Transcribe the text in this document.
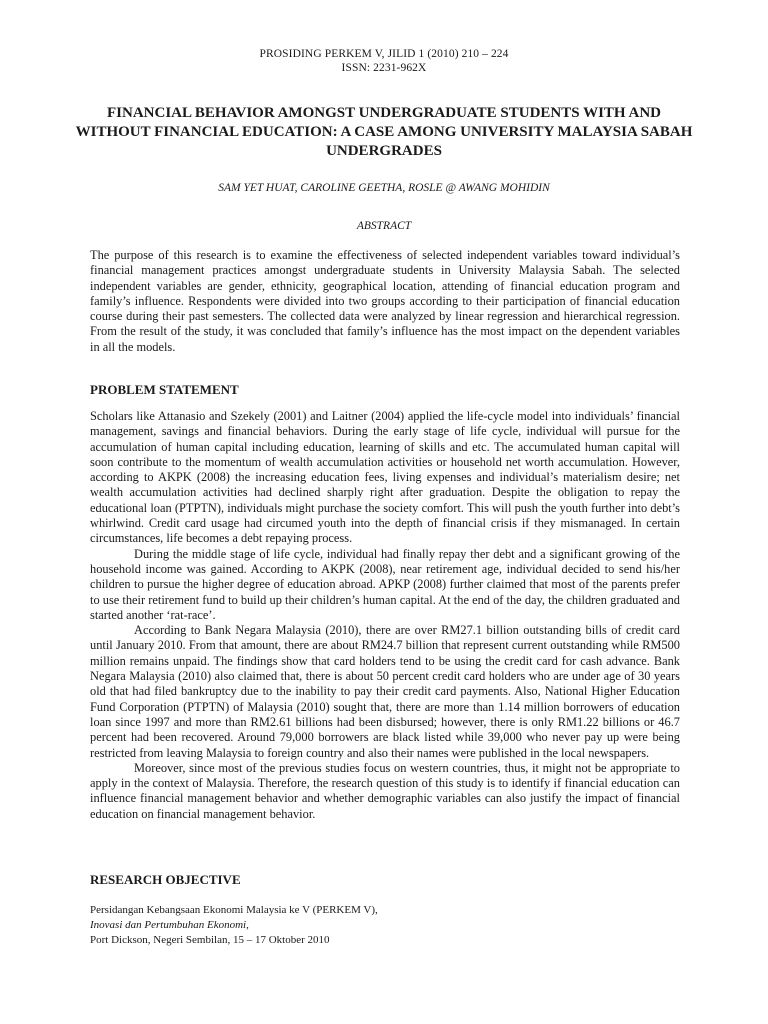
PROSIDING PERKEM V, JILID 1 (2010) 210 – 224
ISSN: 2231-962X
FINANCIAL BEHAVIOR AMONGST UNDERGRADUATE STUDENTS WITH AND WITHOUT FINANCIAL EDUCATION: A CASE AMONG UNIVERSITY MALAYSIA SABAH UNDERGRADES
SAM YET HUAT, CAROLINE GEETHA, ROSLE @ AWANG MOHIDIN
ABSTRACT

The purpose of this research is to examine the effectiveness of selected independent variables toward individual’s financial management practices amongst undergraduate students in University Malaysia Sabah. The selected independent variables are gender, ethnicity, geographical location, attending of financial education program and family’s influence. Respondents were divided into two groups according to their participation of financial education course during their past semesters. The collected data were analyzed by linear regression and hierarchical regression. From the result of the study, it was concluded that family’s influence has the most impact on the dependent variables in all the models.

PROBLEM STATEMENT

Scholars like Attanasio and Szekely (2001) and Laitner (2004) applied the life-cycle model into individuals’ financial management, savings and financial behaviors. During the early stage of life cycle, individual will pursue for the accumulation of human capital including education, learning of skills and etc. The accumulated human capital will soon contribute to the momentum of wealth accumulation activities or household net worth accumulation. However, according to AKPK (2008) the increasing education fees, living expenses and individual’s materialism desire; net wealth accumulation activities had declined sharply right after graduation. Despite the obligation to repay the educational loan (PTPTN), individuals might purchase the society comfort. This will push the youth further into debt’s whirlwind. Credit card usage had circumed youth into the depth of financial crisis if they mismanaged. In certain circumstances, life becomes a debt repaying process.

During the middle stage of life cycle, individual had finally repay ther debt and a significant growing of the household income was gained. According to AKPK (2008), near retirement age, individual decided to send his/her children to pursue the higher degree of education abroad. APKP (2008) further claimed that most of the parents prefer to use their retirement fund to build up their children’s human capital. At the end of the day, the children graduated and started another ‘rat-race’.

According to Bank Negara Malaysia (2010), there are over RM27.1 billion outstanding bills of credit card until January 2010. From that amount, there are about RM24.7 billion that represent current outstanding while RM500 million remains unpaid. The findings show that card holders tend to be using the credit card for cash advance. Bank Negara Malaysia (2010) also claimed that, there is about 50 percent credit card holders who are under age of 30 years old that had filed bankruptcy due to the inability to pay their credit card payments. Also, National Higher Education Fund Corporation (PTPTN) of Malaysia (2010) sought that, there are more than 1.14 million borrowers of education loan since 1997 and more than RM2.61 billions had been disbursed; however, there is only RM1.22 billions or 46.7 percent had been recovered. Around 79,000 borrowers are black listed while 39,000 who never pay up were being restricted from leaving Malaysia to foreign country and also their names were published in the local newspapers.

Moreover, since most of the previous studies focus on western countries, thus, it might not be appropriate to apply in the context of Malaysia. Therefore, the research question of this study is to identify if financial education can influence financial management behavior and whether demographic variables can also justify the impact of financial education on financial management behavior.

RESEARCH OBJECTIVE
Persidangan Kebangsaan Ekonomi Malaysia ke V (PERKEM V),
Inovasi dan Pertumbuhan Ekonomi,
Port Dickson, Negeri Sembilan, 15 – 17 Oktober 2010
